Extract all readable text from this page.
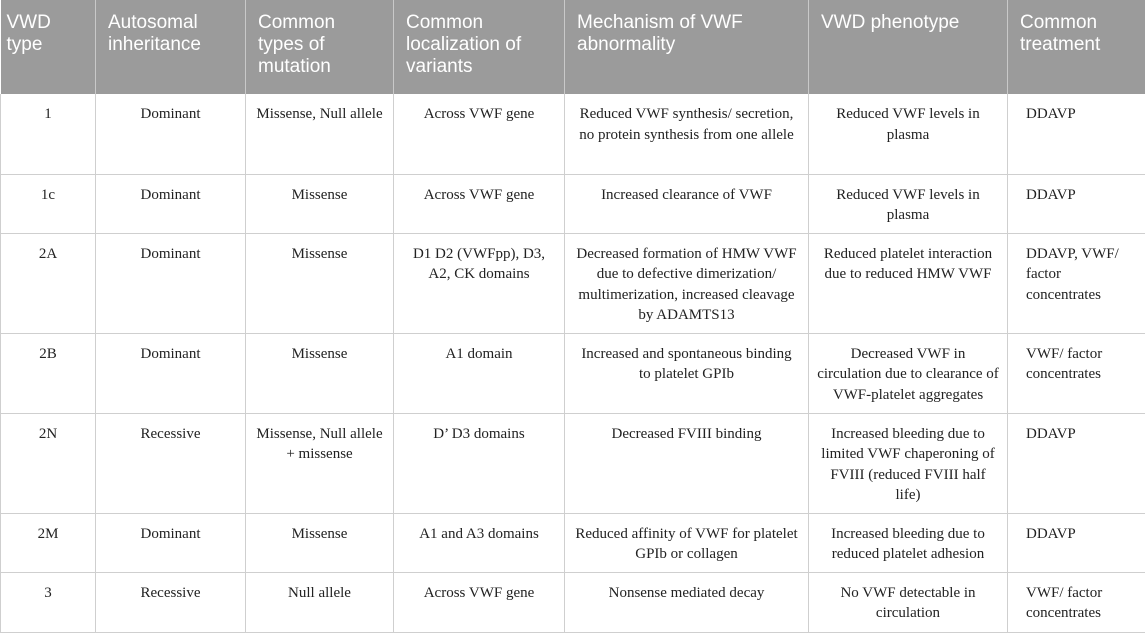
VWD type	Autosomal inheritance	Common types of mutation	Common localization of variants	Mechanism of VWF abnormality	VWD phenotype	Common treatment
1	Dominant	Missense, Null allele	Across VWF gene	Reduced VWF synthesis/ secretion, no protein synthesis from one allele	Reduced VWF levels in plasma	DDAVP
1c	Dominant	Missense	Across VWF gene	Increased clearance of VWF	Reduced VWF levels in plasma	DDAVP
2A	Dominant	Missense	D1 D2 (VWFpp), D3, A2, CK domains	Decreased formation of HMW VWF due to defective dimerization/ multimerization, increased cleavage by ADAMTS13	Reduced platelet interaction due to reduced HMW VWF	DDAVP, VWF/ factor concentrates
2B	Dominant	Missense	A1 domain	Increased and spontaneous binding to platelet GPIb	Decreased VWF in circulation due to clearance of VWF-platelet aggregates	VWF/ factor concentrates
2N	Recessive	Missense, Null allele + missense	D’ D3 domains	Decreased FVIII binding	Increased bleeding due to limited VWF chaperoning of FVIII (reduced FVIII half life)	DDAVP
2M	Dominant	Missense	A1 and A3 domains	Reduced affinity of VWF for platelet GPIb or collagen	Increased bleeding due to reduced platelet adhesion	DDAVP
3	Recessive	Null allele	Across VWF gene	Nonsense mediated decay	No VWF detectable in circulation	VWF/ factor concentrates
